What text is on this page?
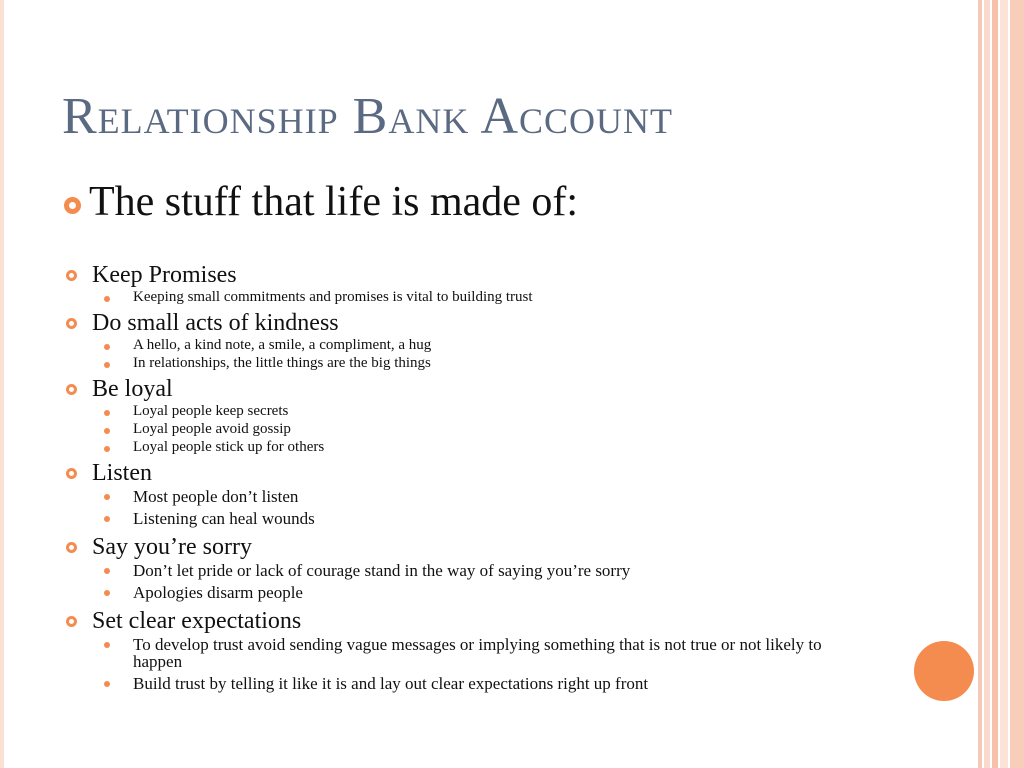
Relationship Bank Account
The stuff that life is made of:
Keep Promises
Keeping small commitments and promises is vital to building trust
Do small acts of kindness
A hello, a kind note, a smile, a compliment, a hug
In relationships, the little things are the big things
Be loyal
Loyal people keep secrets
Loyal people avoid gossip
Loyal people stick up for others
Listen
Most people don’t listen
Listening can heal wounds
Say you’re sorry
Don’t let pride or lack of courage stand in the way of saying you’re sorry
Apologies disarm people
Set clear expectations
To develop trust avoid sending vague messages or implying something that is not true or not likely to happen
Build trust by telling it like it is and lay out clear expectations right up front
